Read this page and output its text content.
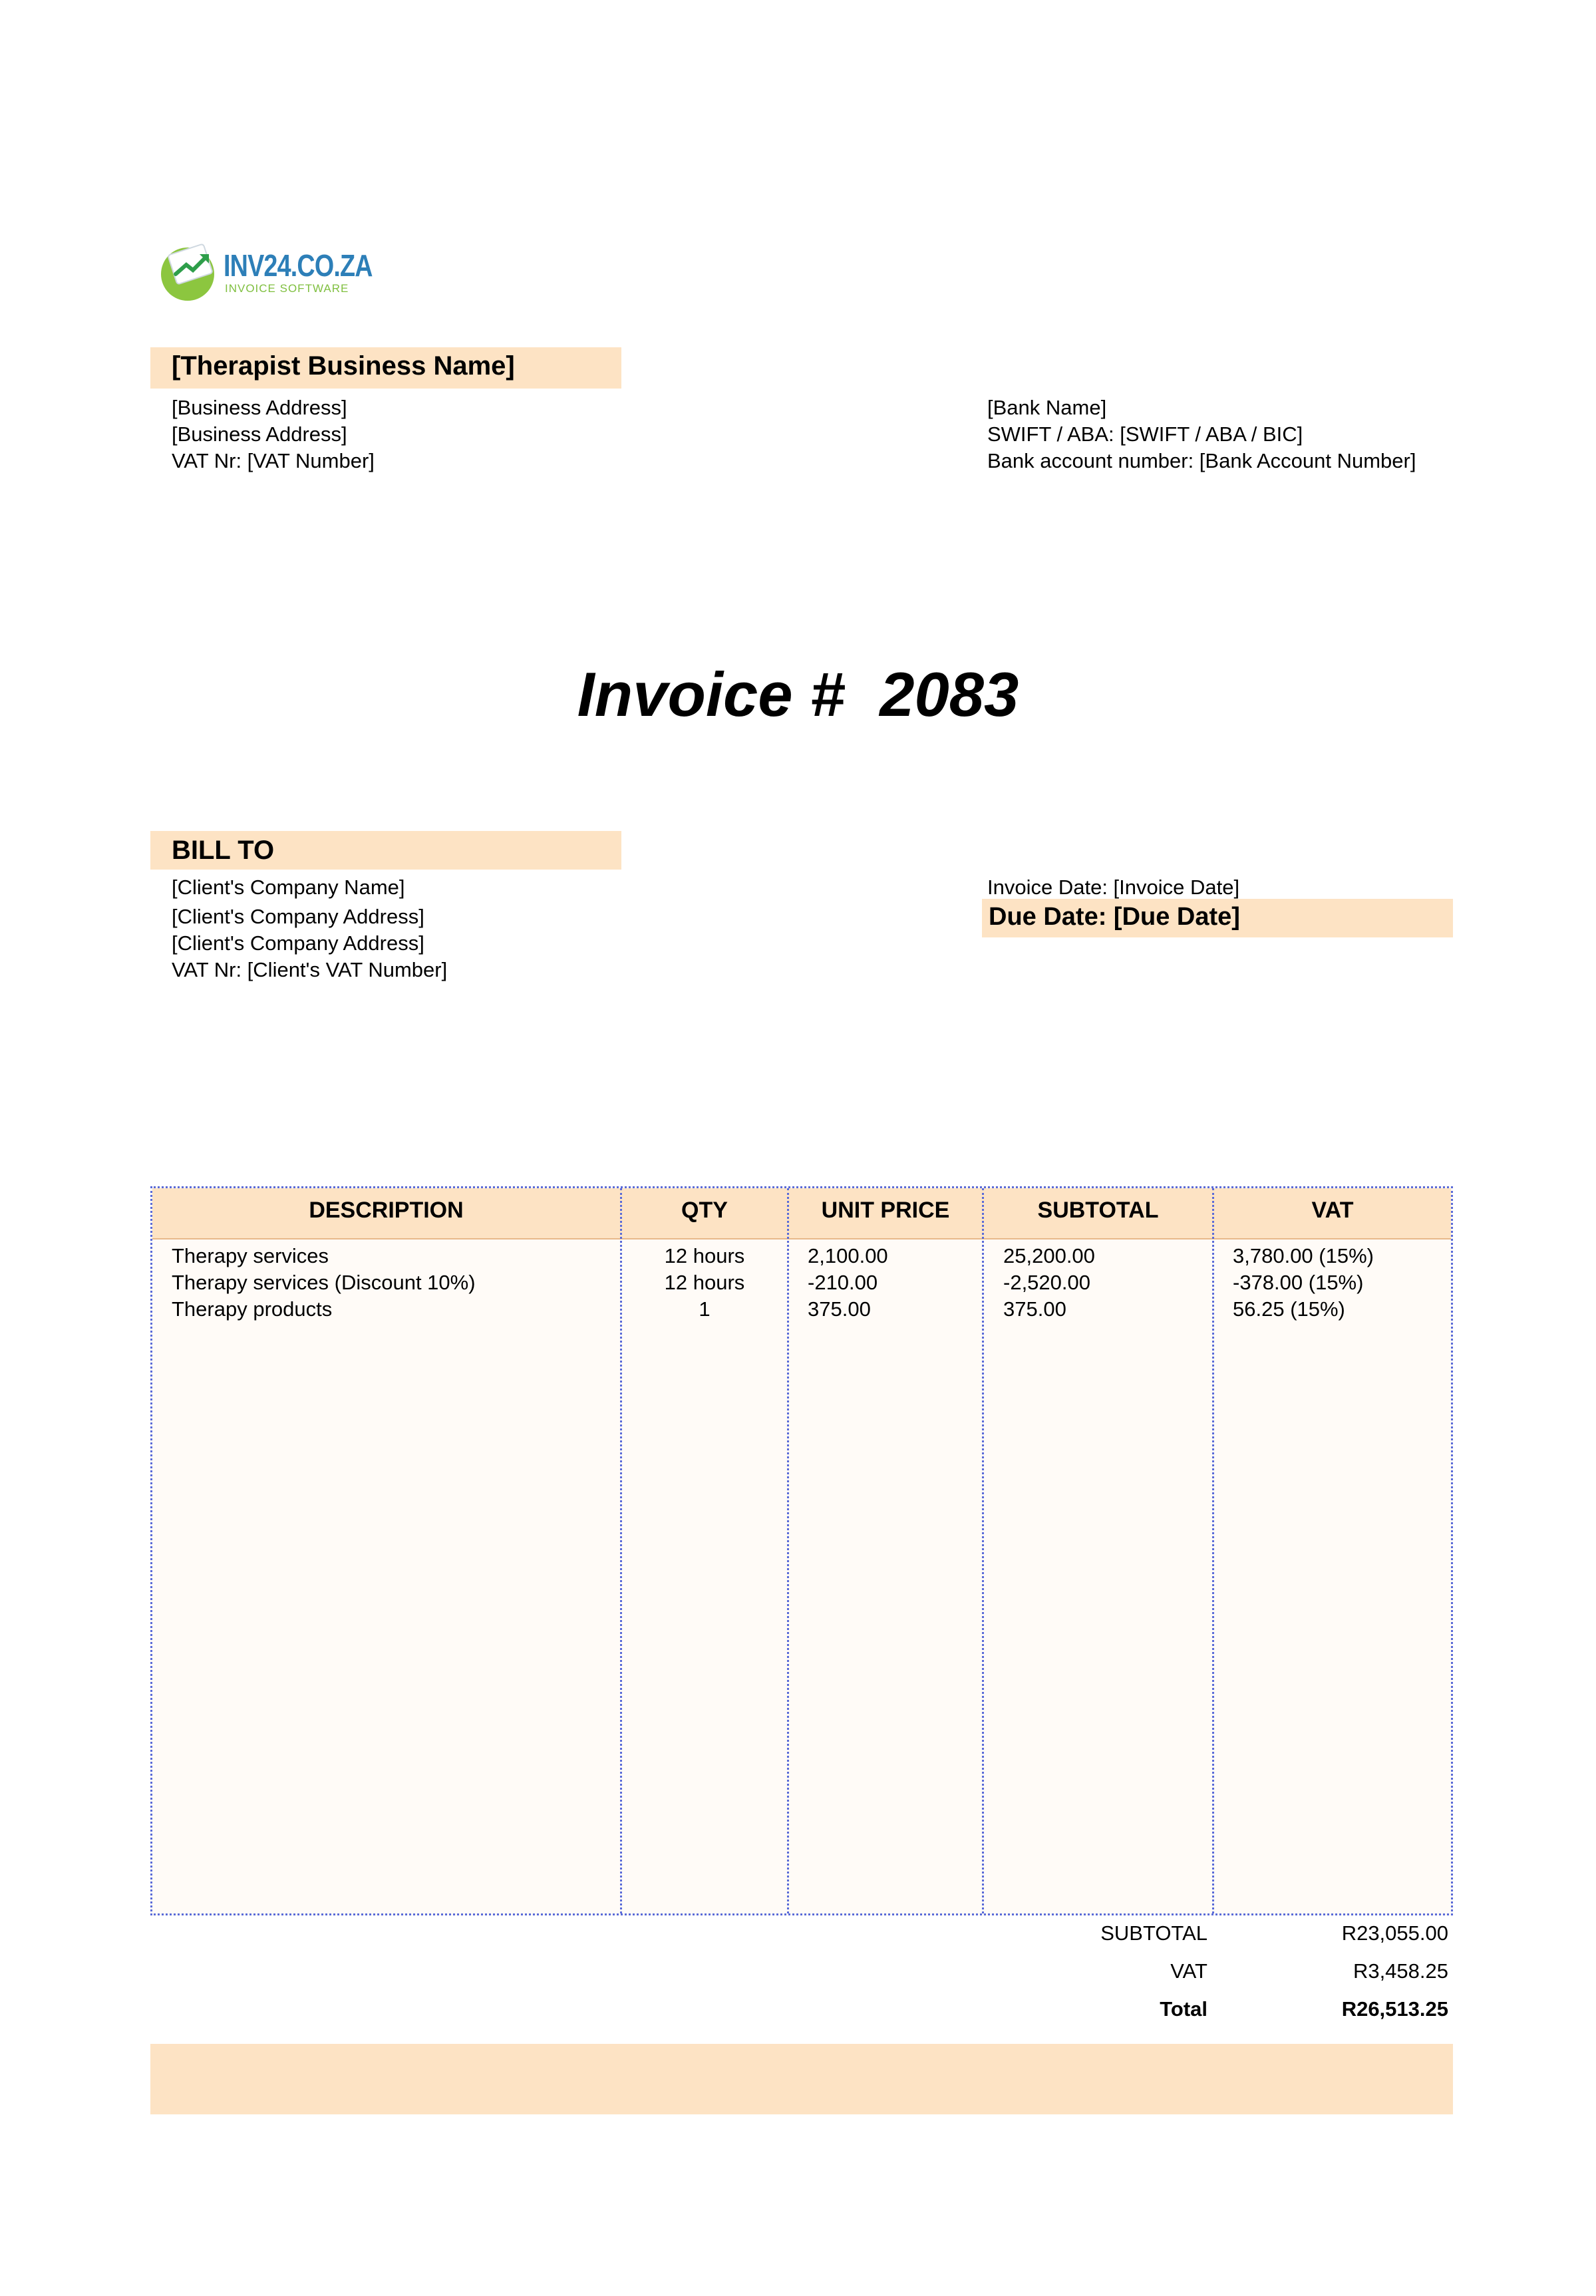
INV24.CO.ZA
INVOICE SOFTWARE
[Therapist Business Name]
[Business Address]
[Business Address]
VAT Nr: [VAT Number]
[Bank Name]
SWIFT / ABA: [SWIFT / ABA / BIC]
Bank account number: [Bank Account Number]
Invoice #  2083
BILL TO
[Client's Company Name]
[Client's Company Address]
[Client's Company Address]
VAT Nr: [Client's VAT Number]
Invoice Date: [Invoice Date]
Due Date: [Due Date]
DESCRIPTION	QTY	UNIT PRICE	SUBTOTAL	VAT
Therapy services	12 hours	2,100.00	25,200.00	3,780.00 (15%)
Therapy services (Discount 10%)	12 hours	-210.00	-2,520.00	-378.00 (15%)
Therapy products	1	375.00	375.00	56.25 (15%)
SUBTOTAL	R23,055.00
VAT	R3,458.25
Total	R26,513.25
